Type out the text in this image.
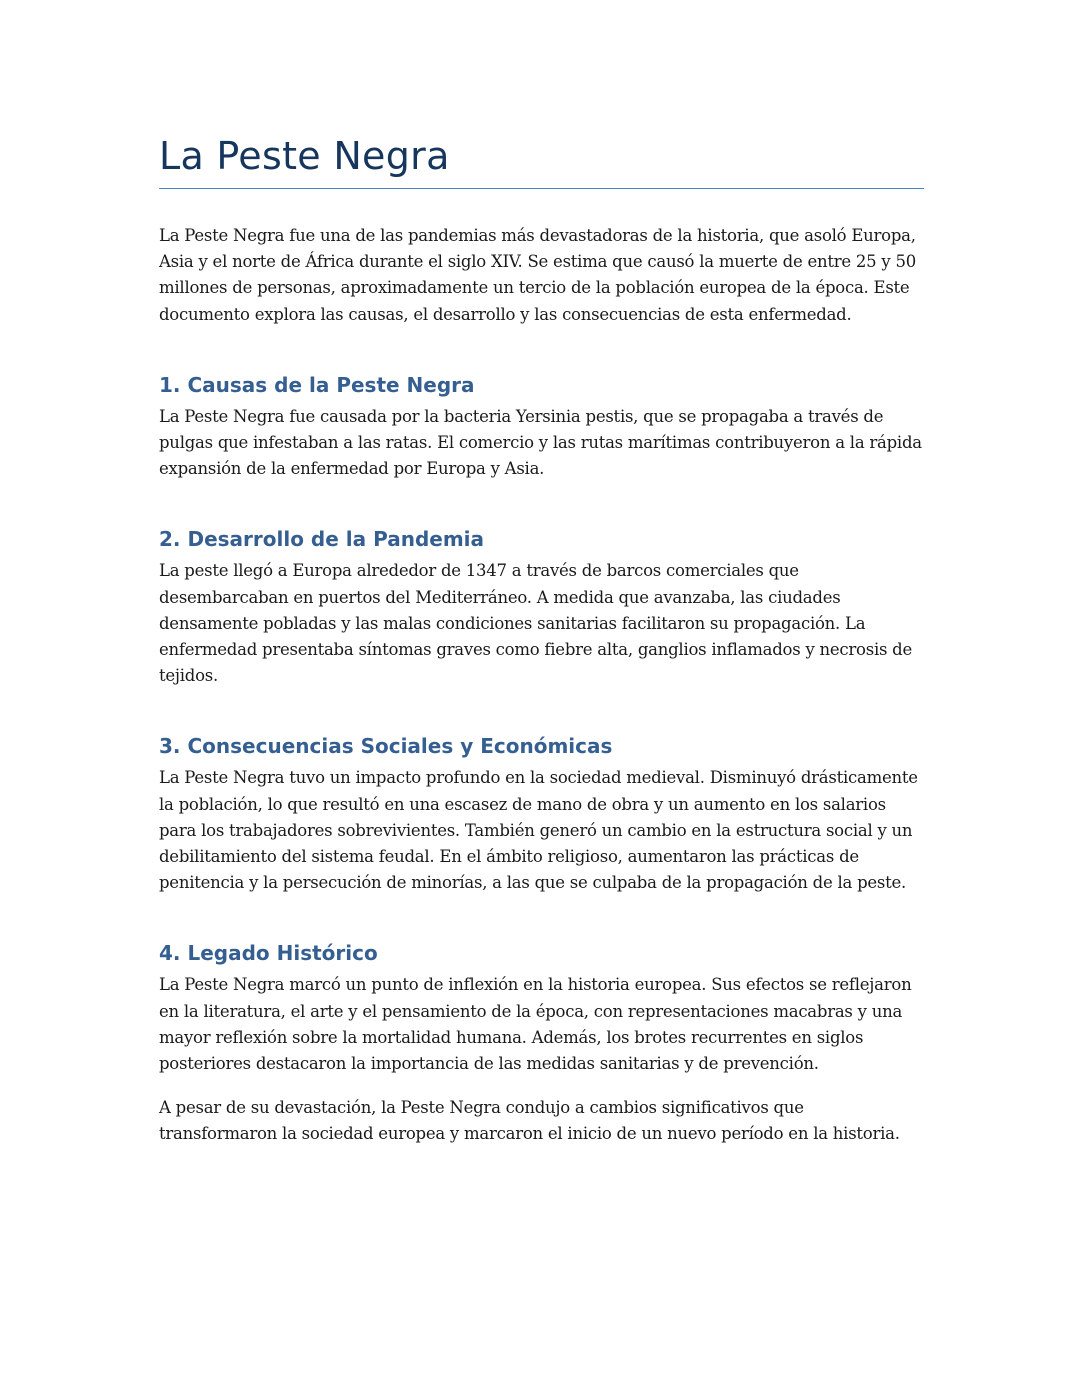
La Peste Negra

La Peste Negra fue una de las pandemias más devastadoras de la historia, que asoló Europa, Asia y el norte de África durante el siglo XIV. Se estima que causó la muerte de entre 25 y 50 millones de personas, aproximadamente un tercio de la población europea de la época. Este documento explora las causas, el desarrollo y las consecuencias de esta enfermedad.

1. Causas de la Peste Negra

La Peste Negra fue causada por la bacteria Yersinia pestis, que se propagaba a través de pulgas que infestaban a las ratas. El comercio y las rutas marítimas contribuyeron a la rápida expansión de la enfermedad por Europa y Asia.

2. Desarrollo de la Pandemia

La peste llegó a Europa alrededor de 1347 a través de barcos comerciales que desembarcaban en puertos del Mediterráneo. A medida que avanzaba, las ciudades densamente pobladas y las malas condiciones sanitarias facilitaron su propagación. La enfermedad presentaba síntomas graves como fiebre alta, ganglios inflamados y necrosis de tejidos.

3. Consecuencias Sociales y Económicas

La Peste Negra tuvo un impacto profundo en la sociedad medieval. Disminuyó drásticamente la población, lo que resultó en una escasez de mano de obra y un aumento en los salarios para los trabajadores sobrevivientes. También generó un cambio en la estructura social y un debilitamiento del sistema feudal. En el ámbito religioso, aumentaron las prácticas de penitencia y la persecución de minorías, a las que se culpaba de la propagación de la peste.

4. Legado Histórico

La Peste Negra marcó un punto de inflexión en la historia europea. Sus efectos se reflejaron en la literatura, el arte y el pensamiento de la época, con representaciones macabras y una mayor reflexión sobre la mortalidad humana. Además, los brotes recurrentes en siglos posteriores destacaron la importancia de las medidas sanitarias y de prevención.

A pesar de su devastación, la Peste Negra condujo a cambios significativos que transformaron la sociedad europea y marcaron el inicio de un nuevo período en la historia.
